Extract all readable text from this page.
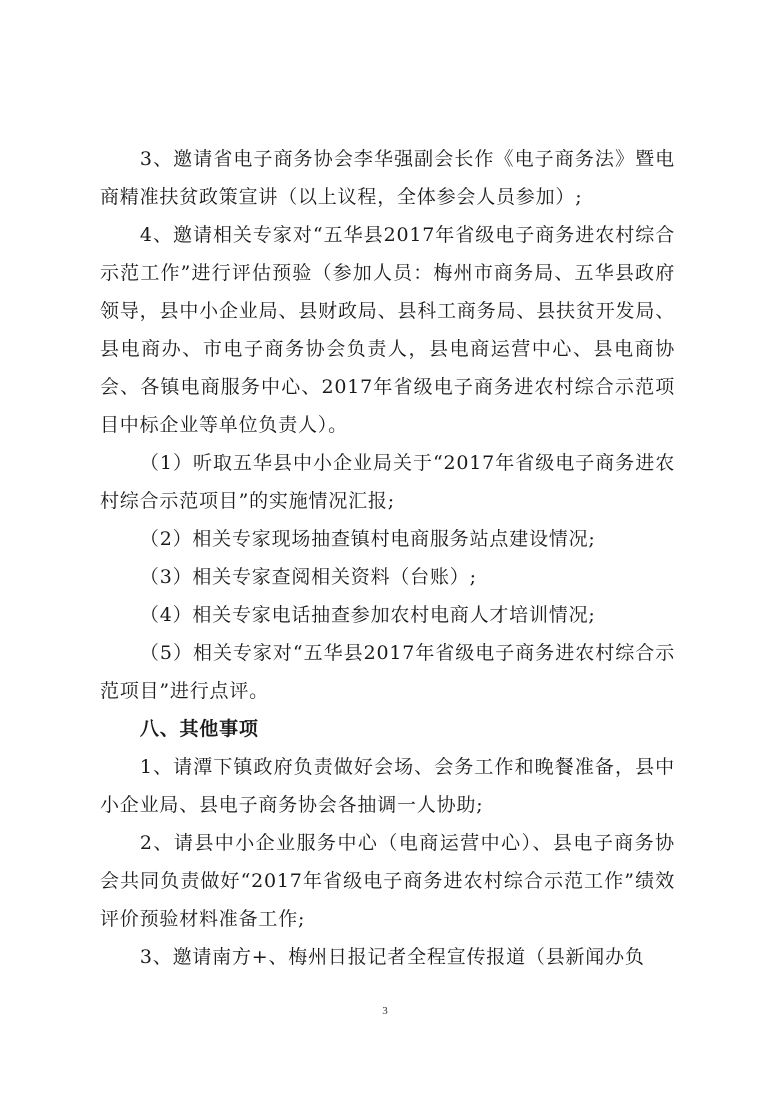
3、邀请省电子商务协会李华强副会长作《电子商务法》暨电商精准扶贫政策宣讲（以上议程，全体参会人员参加）;

4、邀请相关专家对“五华县2017年省级电子商务进农村综合示范工作”进行评估预验（参加人员：梅州市商务局、五华县政府领导，县中小企业局、县财政局、县科工商务局、县扶贫开发局、县电商办、市电子商务协会负责人，县电商运营中心、县电商协会、各镇电商服务中心、2017年省级电子商务进农村综合示范项目中标企业等单位负责人）。

（1）听取五华县中小企业局关于“2017年省级电子商务进农村综合示范项目”的实施情况汇报;

（2）相关专家现场抽查镇村电商服务站点建设情况;

（3）相关专家查阅相关资料（台账）;

（4）相关专家电话抽查参加农村电商人才培训情况;

（5）相关专家对“五华县2017年省级电子商务进农村综合示范项目”进行点评。

八、其他事项

1、请潭下镇政府负责做好会场、会务工作和晚餐准备，县中小企业局、县电子商务协会各抽调一人协助;

2、请县中小企业服务中心（电商运营中心）、县电子商务协会共同负责做好“2017年省级电子商务进农村综合示范工作”绩效评价预验材料准备工作;

3、邀请南方+、梅州日报记者全程宣传报道（县新闻办负

3
